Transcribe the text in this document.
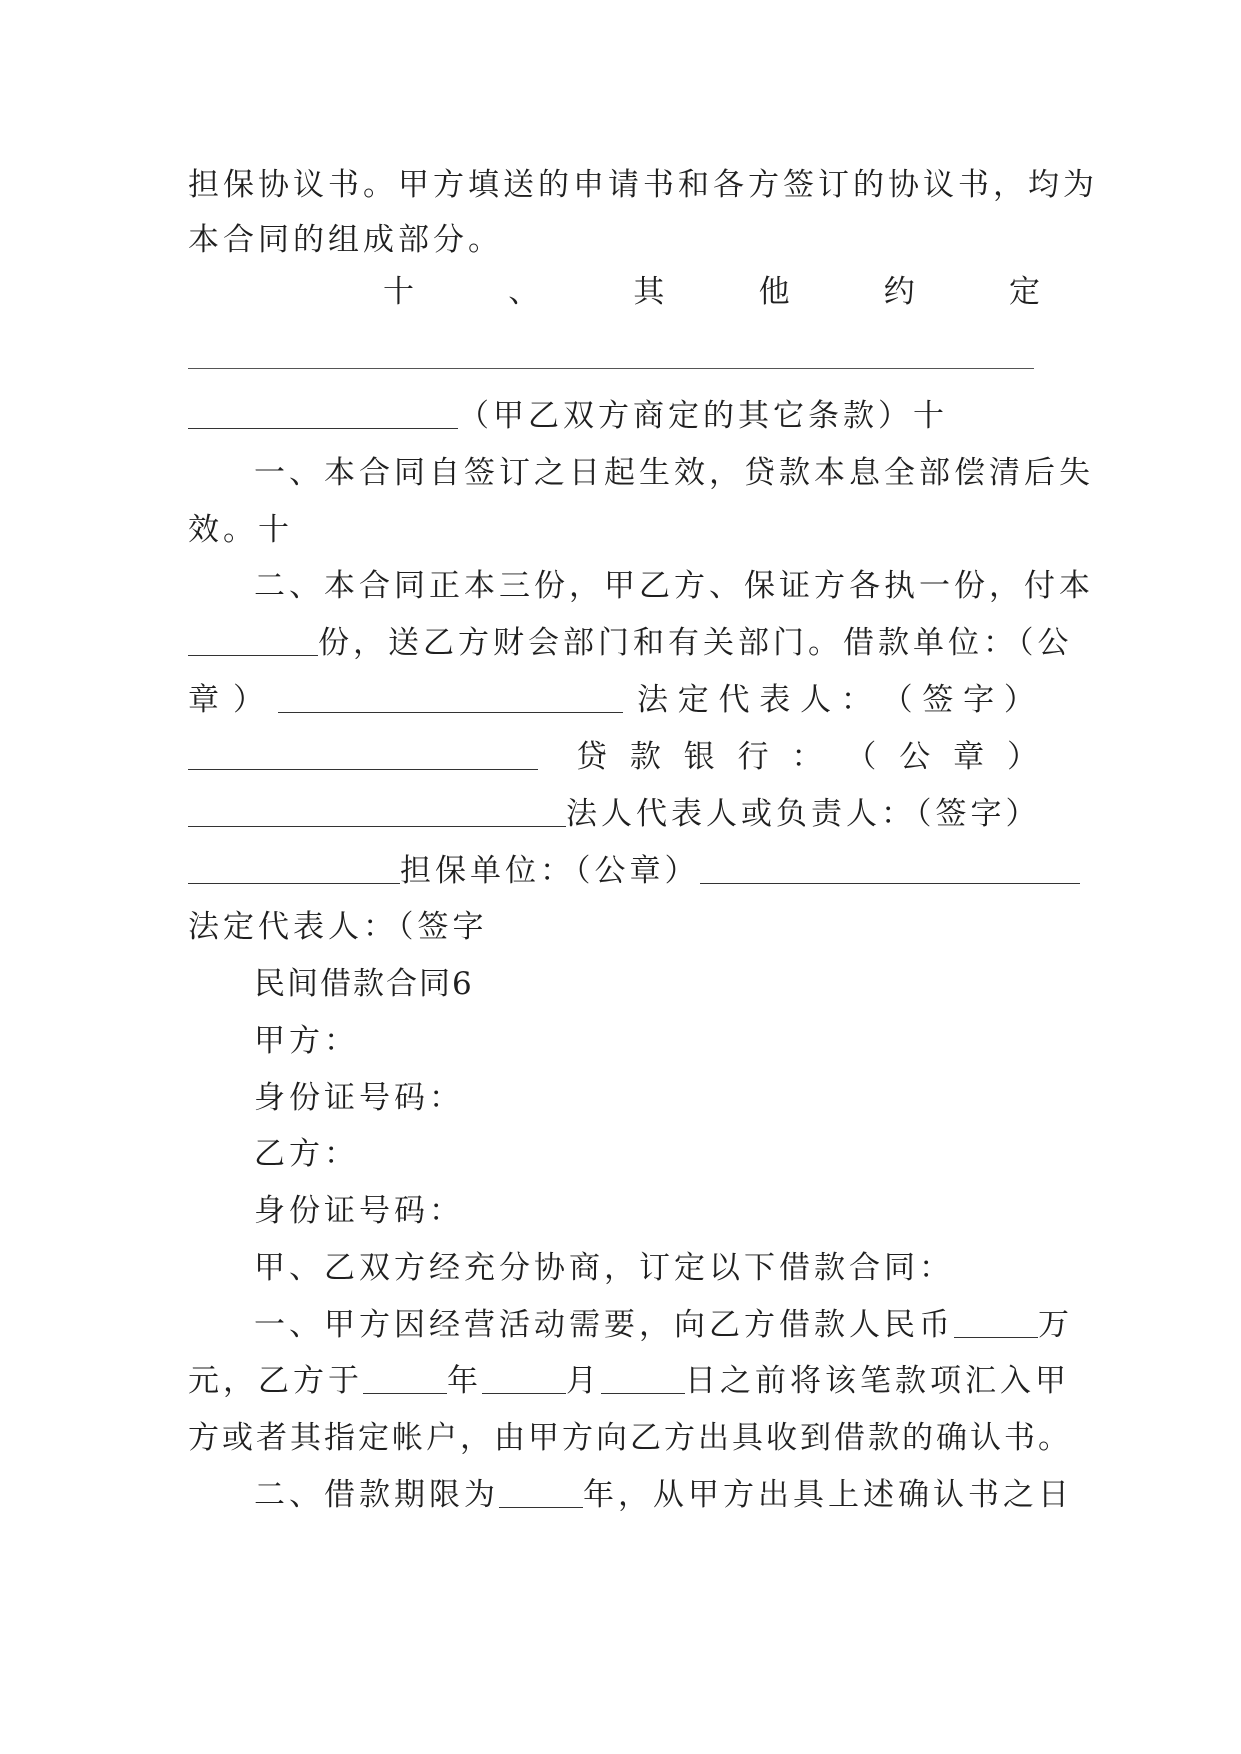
担保协议书。甲方填送的申请书和各方签订的协议书，均为
本合同的组成部分。
十	、	其	他	约	定
（甲乙双方商定的其它条款）十
一、本合同自签订之日起生效，贷款本息全部偿清后失
效。十
二、本合同正本三份，甲乙方、保证方各执一份，付本
份，送乙方财会部门和有关部门。借款单位：（公
章）	法 定 代 表 人 ： （ 签 字 ）
贷 款 银 行 ： （ 公 章 ）
法人代表人或负责人：（签字）
担保单位：（公章）
法定代表人：（签字
民间借款合同6
甲方：
身份证号码：
乙方：
身份证号码：
甲、乙双方经充分协商，订定以下借款合同：
一、甲方因经营活动需要，向乙方借款人民币	万
元，乙方于	年	月	日之前将该笔款项汇入甲
方或者其指定帐户，由甲方向乙方出具收到借款的确认书。
二、借款期限为	年，从甲方出具上述确认书之日
